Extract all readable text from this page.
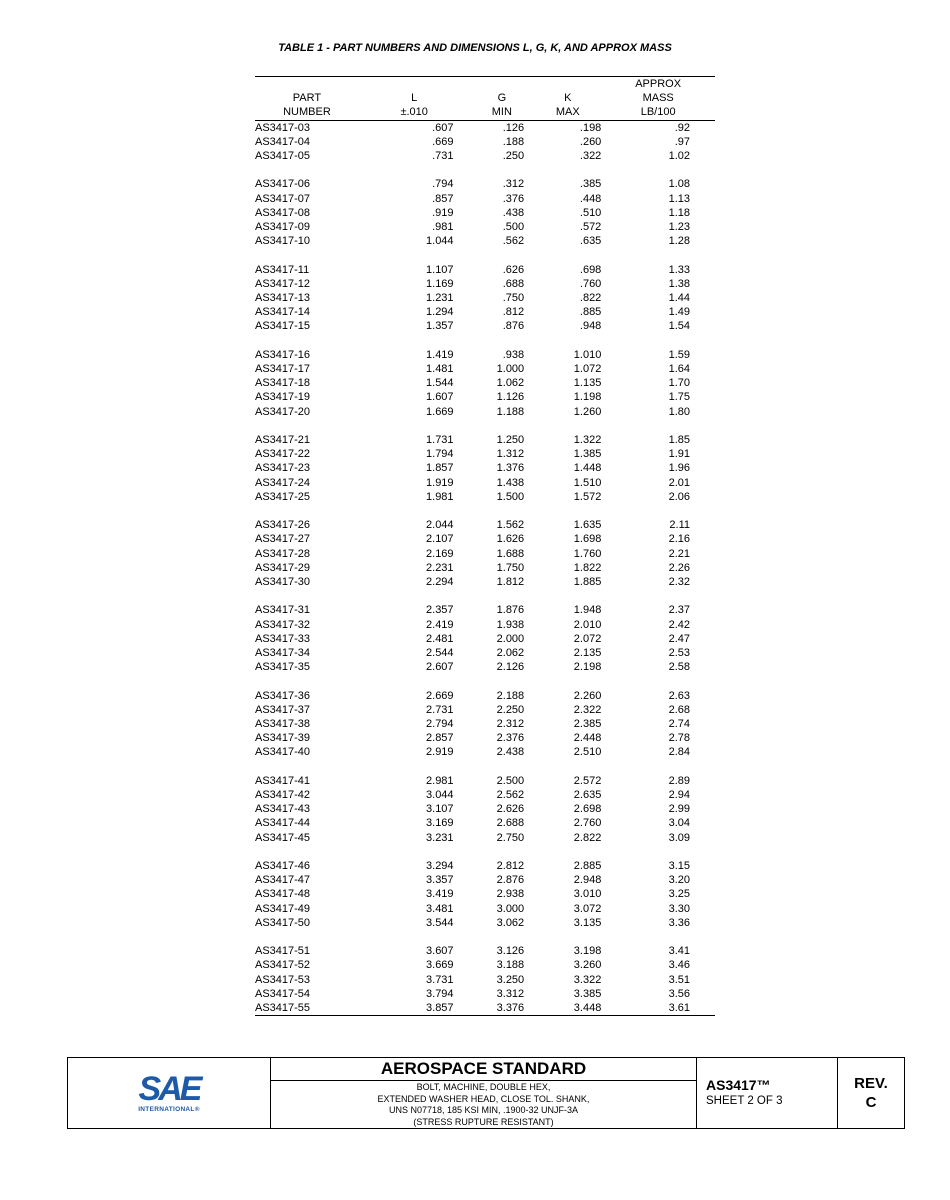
TABLE 1 - PART NUMBERS AND DIMENSIONS L, G, K, AND APPROX MASS
				APPROX
PART	L	G	K	MASS
NUMBER	±.010	MIN	MAX	LB/100
AS3417-03	.607	.126	.198	.92
AS3417-04	.669	.188	.260	.97
AS3417-05	.731	.250	.322	1.02

AS3417-06	.794	.312	.385	1.08
AS3417-07	.857	.376	.448	1.13
AS3417-08	.919	.438	.510	1.18
AS3417-09	.981	.500	.572	1.23
AS3417-10	1.044	.562	.635	1.28

AS3417-11	1.107	.626	.698	1.33
AS3417-12	1.169	.688	.760	1.38
AS3417-13	1.231	.750	.822	1.44
AS3417-14	1.294	.812	.885	1.49
AS3417-15	1.357	.876	.948	1.54

AS3417-16	1.419	.938	1.010	1.59
AS3417-17	1.481	1.000	1.072	1.64
AS3417-18	1.544	1.062	1.135	1.70
AS3417-19	1.607	1.126	1.198	1.75
AS3417-20	1.669	1.188	1.260	1.80

AS3417-21	1.731	1.250	1.322	1.85
AS3417-22	1.794	1.312	1.385	1.91
AS3417-23	1.857	1.376	1.448	1.96
AS3417-24	1.919	1.438	1.510	2.01
AS3417-25	1.981	1.500	1.572	2.06

AS3417-26	2.044	1.562	1.635	2.11
AS3417-27	2.107	1.626	1.698	2.16
AS3417-28	2.169	1.688	1.760	2.21
AS3417-29	2.231	1.750	1.822	2.26
AS3417-30	2.294	1.812	1.885	2.32

AS3417-31	2.357	1.876	1.948	2.37
AS3417-32	2.419	1.938	2.010	2.42
AS3417-33	2.481	2.000	2.072	2.47
AS3417-34	2.544	2.062	2.135	2.53
AS3417-35	2.607	2.126	2.198	2.58

AS3417-36	2.669	2.188	2.260	2.63
AS3417-37	2.731	2.250	2.322	2.68
AS3417-38	2.794	2.312	2.385	2.74
AS3417-39	2.857	2.376	2.448	2.78
AS3417-40	2.919	2.438	2.510	2.84

AS3417-41	2.981	2.500	2.572	2.89
AS3417-42	3.044	2.562	2.635	2.94
AS3417-43	3.107	2.626	2.698	2.99
AS3417-44	3.169	2.688	2.760	3.04
AS3417-45	3.231	2.750	2.822	3.09

AS3417-46	3.294	2.812	2.885	3.15
AS3417-47	3.357	2.876	2.948	3.20
AS3417-48	3.419	2.938	3.010	3.25
AS3417-49	3.481	3.000	3.072	3.30
AS3417-50	3.544	3.062	3.135	3.36

AS3417-51	3.607	3.126	3.198	3.41
AS3417-52	3.669	3.188	3.260	3.46
AS3417-53	3.731	3.250	3.322	3.51
AS3417-54	3.794	3.312	3.385	3.56
AS3417-55	3.857	3.376	3.448	3.61
SAE
INTERNATIONAL®
AEROSPACE STANDARD
BOLT, MACHINE, DOUBLE HEX,
EXTENDED WASHER HEAD, CLOSE TOL. SHANK,
UNS N07718, 185 KSI MIN, .1900-32 UNJF-3A
(STRESS RUPTURE RESISTANT)
AS3417™
SHEET 2 OF 3
REV.
C
